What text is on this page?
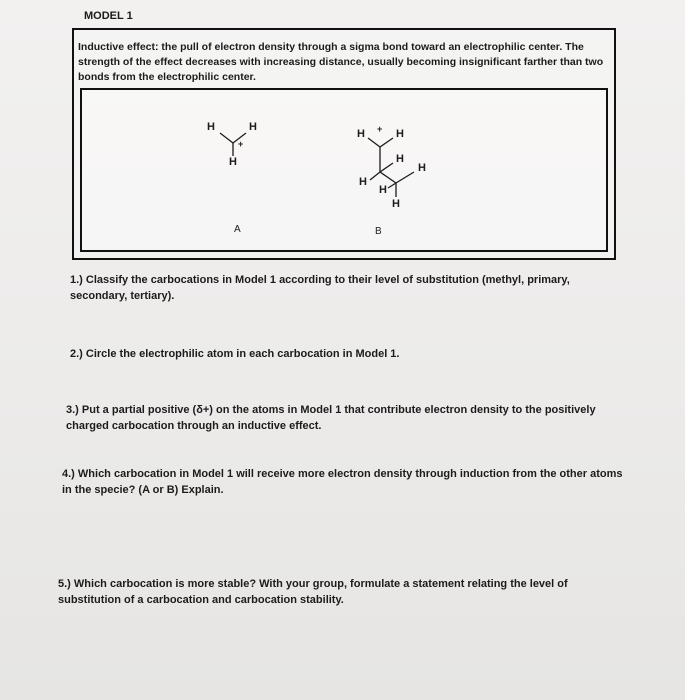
MODEL 1
Inductive effect: the pull of electron density through a sigma bond toward an electrophilic center. The strength of the effect decreases with increasing distance, usually becoming insignificant farther than two bonds from the electrophilic center.
H	H
+
H
A
H + H
H
H
H
H
H
B
1.) Classify the carbocations in Model 1 according to their level of substitution (methyl, primary, secondary, tertiary).
2.) Circle the electrophilic atom in each carbocation in Model 1.
3.) Put a partial positive (δ+) on the atoms in Model 1 that contribute electron density to the positively charged carbocation through an inductive effect.
4.) Which carbocation in Model 1 will receive more electron density through induction from the other atoms in the specie? (A or B) Explain.
5.) Which carbocation is more stable? With your group, formulate a statement relating the level of substitution of a carbocation and carbocation stability.
